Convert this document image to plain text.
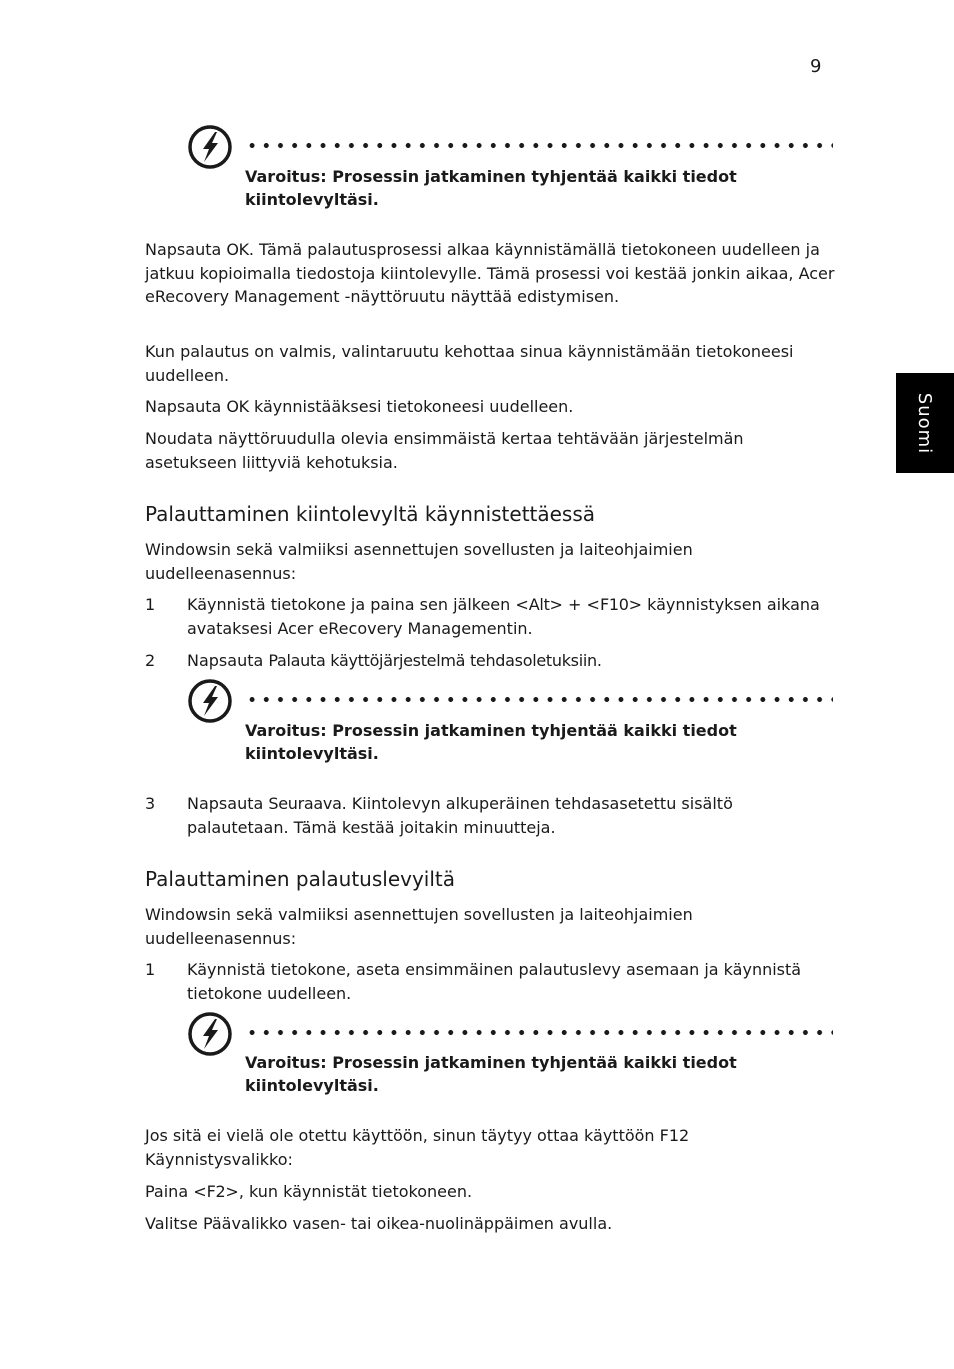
9
Suomi
Varoitus: Prosessin jatkaminen tyhjentää kaikki tiedot kiintolevyltäsi.
Napsauta OK. Tämä palautusprosessi alkaa käynnistämällä tietokoneen uudelleen ja jatkuu kopioimalla tiedostoja kiintolevylle. Tämä prosessi voi kestää jonkin aikaa, Acer eRecovery Management -näyttöruutu näyttää edistymisen.
Kun palautus on valmis, valintaruutu kehottaa sinua käynnistämään tietokoneesi uudelleen.
Napsauta OK käynnistääksesi tietokoneesi uudelleen.
Noudata näyttöruudulla olevia ensimmäistä kertaa tehtävään järjestelmän asetukseen liittyviä kehotuksia.
Palauttaminen kiintolevyltä käynnistettäessä
Windowsin sekä valmiiksi asennettujen sovellusten ja laiteohjaimien uudelleenasennus:
1	Käynnistä tietokone ja paina sen jälkeen <Alt> + <F10> käynnistyksen aikana avataksesi Acer eRecovery Managementin.
2	Napsauta Palauta käyttöjärjestelmä tehdasoletuksiin.
Varoitus: Prosessin jatkaminen tyhjentää kaikki tiedot kiintolevyltäsi.
3	Napsauta Seuraava. Kiintolevyn alkuperäinen tehdasasetettu sisältö palautetaan. Tämä kestää joitakin minuutteja.
Palauttaminen palautuslevyiltä
Windowsin sekä valmiiksi asennettujen sovellusten ja laiteohjaimien uudelleenasennus:
1	Käynnistä tietokone, aseta ensimmäinen palautuslevy asemaan ja käynnistä tietokone uudelleen.
Varoitus: Prosessin jatkaminen tyhjentää kaikki tiedot kiintolevyltäsi.
Jos sitä ei vielä ole otettu käyttöön, sinun täytyy ottaa käyttöön F12 Käynnistysvalikko:
Paina <F2>, kun käynnistät tietokoneen.
Valitse Päävalikko vasen- tai oikea-nuolinäppäimen avulla.
